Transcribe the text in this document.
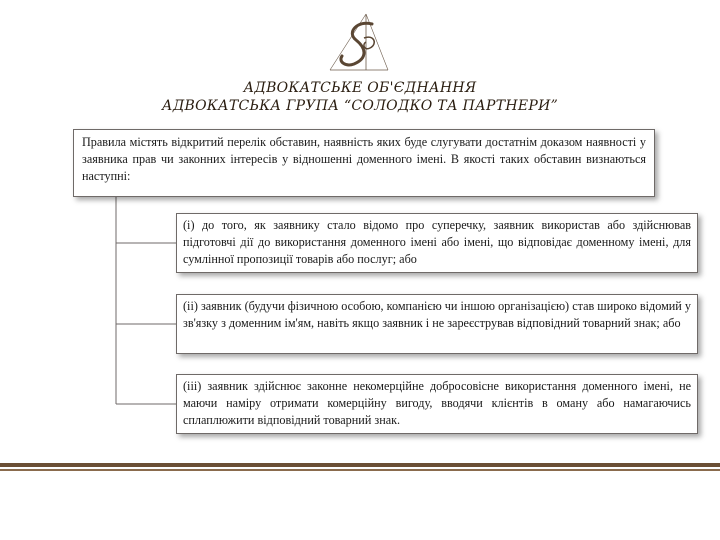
АДВОКАТСЬКЕ ОБ'ЄДНАННЯ
АДВОКАТСЬКА ГРУПА “СОЛОДКО ТА ПАРТНЕРИ”
Правила містять відкритий перелік обставин, наявність яких буде слугувати достатнім доказом наявності у заявника прав чи законних інтересів у відношенні доменного імені. В якості таких обставин визнаються наступні:
(і) до того, як заявнику стало відомо про суперечку, заявник використав або здійснював підготовчі дії до використання доменного імені або імені, що відповідає доменному імені, для сумлінної пропозиції товарів або послуг; або
(ii) заявник (будучи фізичною особою, компанією чи іншою організацією) став широко відомий у зв'язку з доменним ім'ям, навіть якщо заявник і не зареєстрував відповідний товарний знак; або
(iii) заявник здійснює законне некомерційне добросовісне використання доменного імені, не маючи наміру отримати комерційну вигоду, вводячи клієнтів в оману або намагаючись сплаплюжити відповідний товарний знак.
